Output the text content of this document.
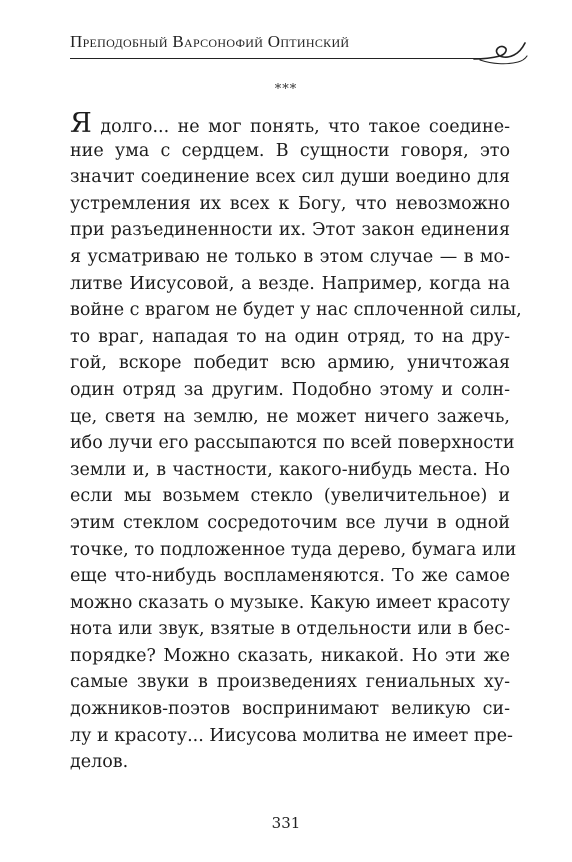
Преподобный Варсонофий Оптинский
***
Я долго... не мог понять, что такое соедине-
ние ума с сердцем. В сущности говоря, это
значит соединение всех сил души воедино для
устремления их всех к Богу, что невозможно
при разъединенности их. Этот закон единения
я усматриваю не только в этом случае — в мо-
литве Иисусовой, а везде. Например, когда на
войне с врагом не будет у нас сплоченной силы,
то враг, нападая то на один отряд, то на дру-
гой, вскоре победит всю армию, уничтожая
один отряд за другим. Подобно этому и солн-
це, светя на землю, не может ничего зажечь,
ибо лучи его рассыпаются по всей поверхности
земли и, в частности, какого-нибудь места. Но
если мы возьмем стекло (увеличительное) и
этим стеклом сосредоточим все лучи в одной
точке, то подложенное туда дерево, бумага или
еще что-нибудь воспламеняются. То же самое
можно сказать о музыке. Какую имеет красоту
нота или звук, взятые в отдельности или в бес-
порядке? Можно сказать, никакой. Но эти же
самые звуки в произведениях гениальных ху-
дожников-поэтов воспринимают великую си-
лу и красоту... Иисусова молитва не имеет пре-
делов.
331
